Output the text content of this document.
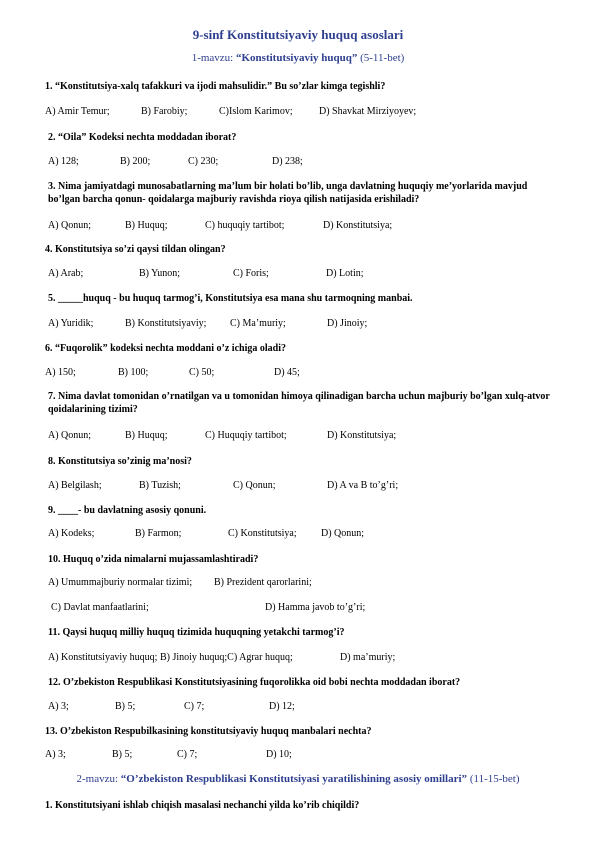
9-sinf Konstitutsiyaviy huquq asoslari
1-mavzu: “Konstitutsiyaviy huquq” (5-11-bet)
1. “Konstitutsiya-xalq tafakkuri va ijodi mahsulidir.” Bu so’zlar kimga tegishli?
A) Amir Temur;	B) Farobiy;	C)Islom Karimov;	D) Shavkat Mirziyoyev;
2. “Oila” Kodeksi nechta moddadan iborat?
A) 128;	B) 200;	C) 230;	D) 238;
3. Nima jamiyatdagi munosabatlarning ma’lum bir holati bo’lib, unga davlatning huquqiy me’yorlarida mavjud bo’lgan barcha qonun- qoidalarga majburiy ravishda rioya qilish natijasida erishiladi?
A) Qonun;	B) Huquq;	C) huquqiy tartibot;	D) Konstitutsiya;
4. Konstitutsiya so’zi qaysi tildan olingan?
A) Arab;	B) Yunon;	C) Foris;	D) Lotin;
5. _____huquq - bu huquq tarmog’i, Konstitutsiya esa mana shu tarmoqning manbai.
A) Yuridik;	B) Konstitutsiyaviy; C) Ma’muriy;	D) Jinoiy;
6. “Fuqorolik” kodeksi nechta moddani o’z ichiga oladi?
A) 150;	B) 100;	C) 50;	D) 45;
7. Nima davlat tomonidan o’rnatilgan va u tomonidan himoya qilinadigan barcha uchun majburiy bo’lgan xulq-atvor qoidalarining tizimi?
A) Qonun;	B) Huquq;	C) Huquqiy tartibot;	D) Konstitutsiya;
8. Konstitutsiya so’zinig ma’nosi?
A) Belgilash;	B) Tuzish;	C) Qonun;	D) A va B to’g’ri;
9. ____- bu davlatning asosiy qonuni.
A) Kodeks;	B) Farmon;	C) Konstitutsiya; D) Qonun;
10. Huquq o’zida nimalarni mujassamlashtiradi?
A) Umummajburiy normalar tizimi; B) Prezident qarorlarini;
C) Davlat manfaatlarini;	D) Hamma javob to’g’ri;
11. Qaysi huquq milliy huquq tizimida huquqning yetakchi tarmog’i?
A) Konstitutsiyaviy huquq; B) Jinoiy huquq;C) Agrar huquq;	D) ma’muriy;
12. O’zbekiston Respublikasi Konstitutsiyasining fuqorolikka oid bobi nechta moddadan iborat?
A) 3;	B) 5;	C) 7;	D) 12;
13. O’zbekiston Respubilkasining konstitutsiyaviy huquq manbalari nechta?
A) 3;	B) 5;	C) 7;	D) 10;
2-mavzu: “O’zbekiston Respublikasi Konstitutsiyasi yaratilishining asosiy omillari” (11-15-bet)
1. Konstitutsiyani ishlab chiqish masalasi nechanchi yilda ko’rib chiqildi?
